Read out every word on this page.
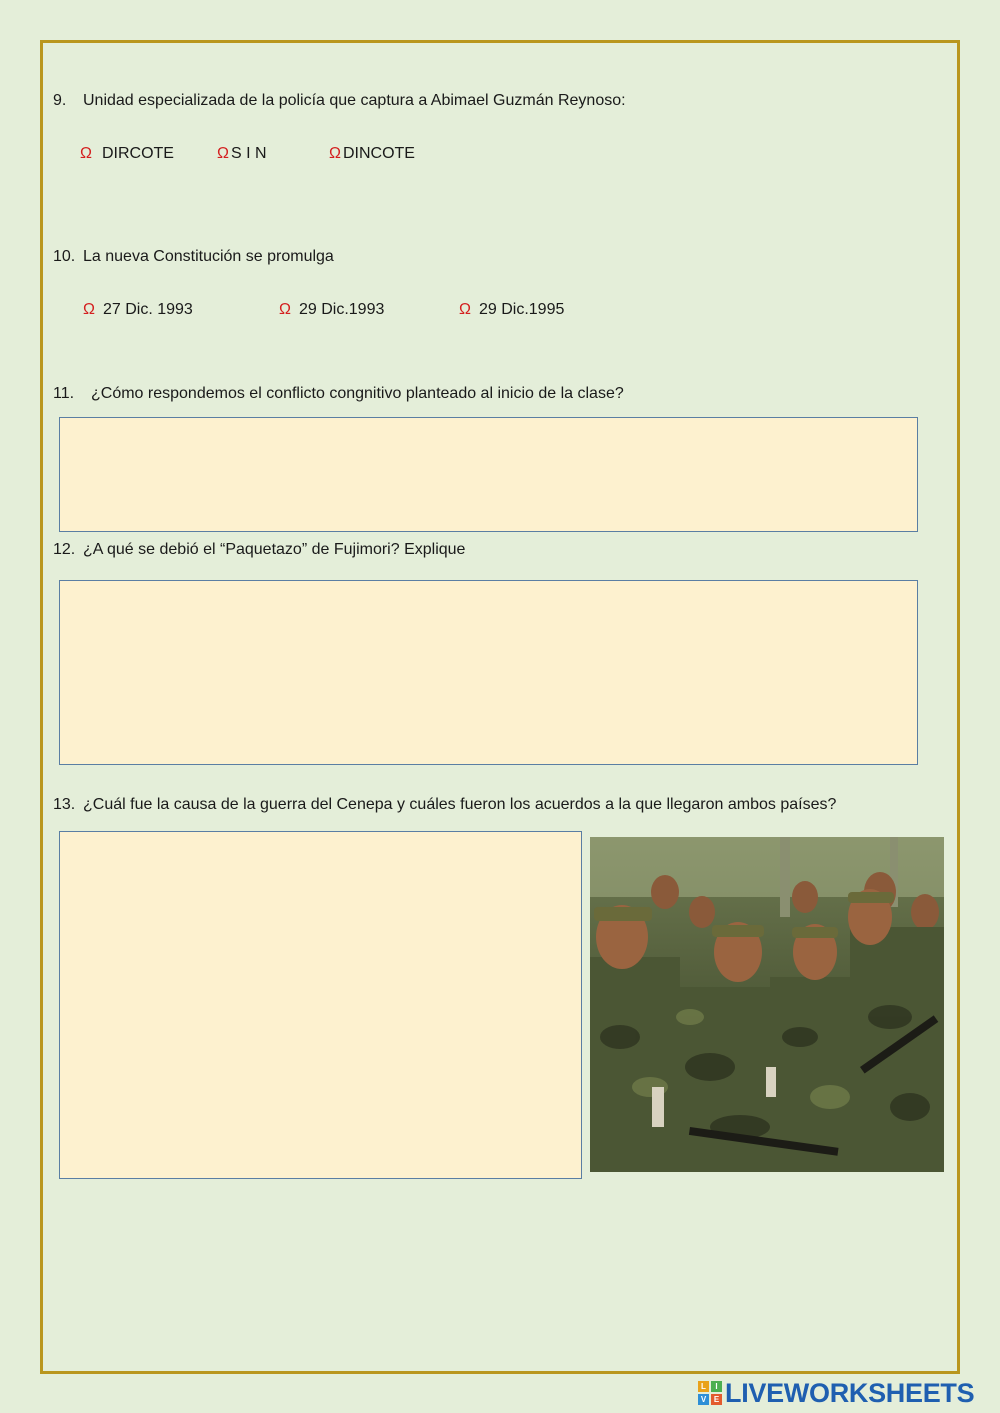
9. Unidad especializada de la policía que captura a Abimael Guzmán Reynoso:
Ω DIRCOTE	Ω S I N	Ω DINCOTE
10. La nueva Constitución se promulga
Ω 27 Dic. 1993	Ω 29 Dic.1993	Ω 29 Dic.1995
11. ¿Cómo respondemos el conflicto congnitivo planteado al inicio de la clase?
12. ¿A qué se debió el “Paquetazo” de Fujimori? Explique
13. ¿Cuál fue la causa de la guerra del Cenepa y cuáles fueron los acuerdos a la que llegaron ambos países?
L	I
V E LIVEWORKSHEETS
